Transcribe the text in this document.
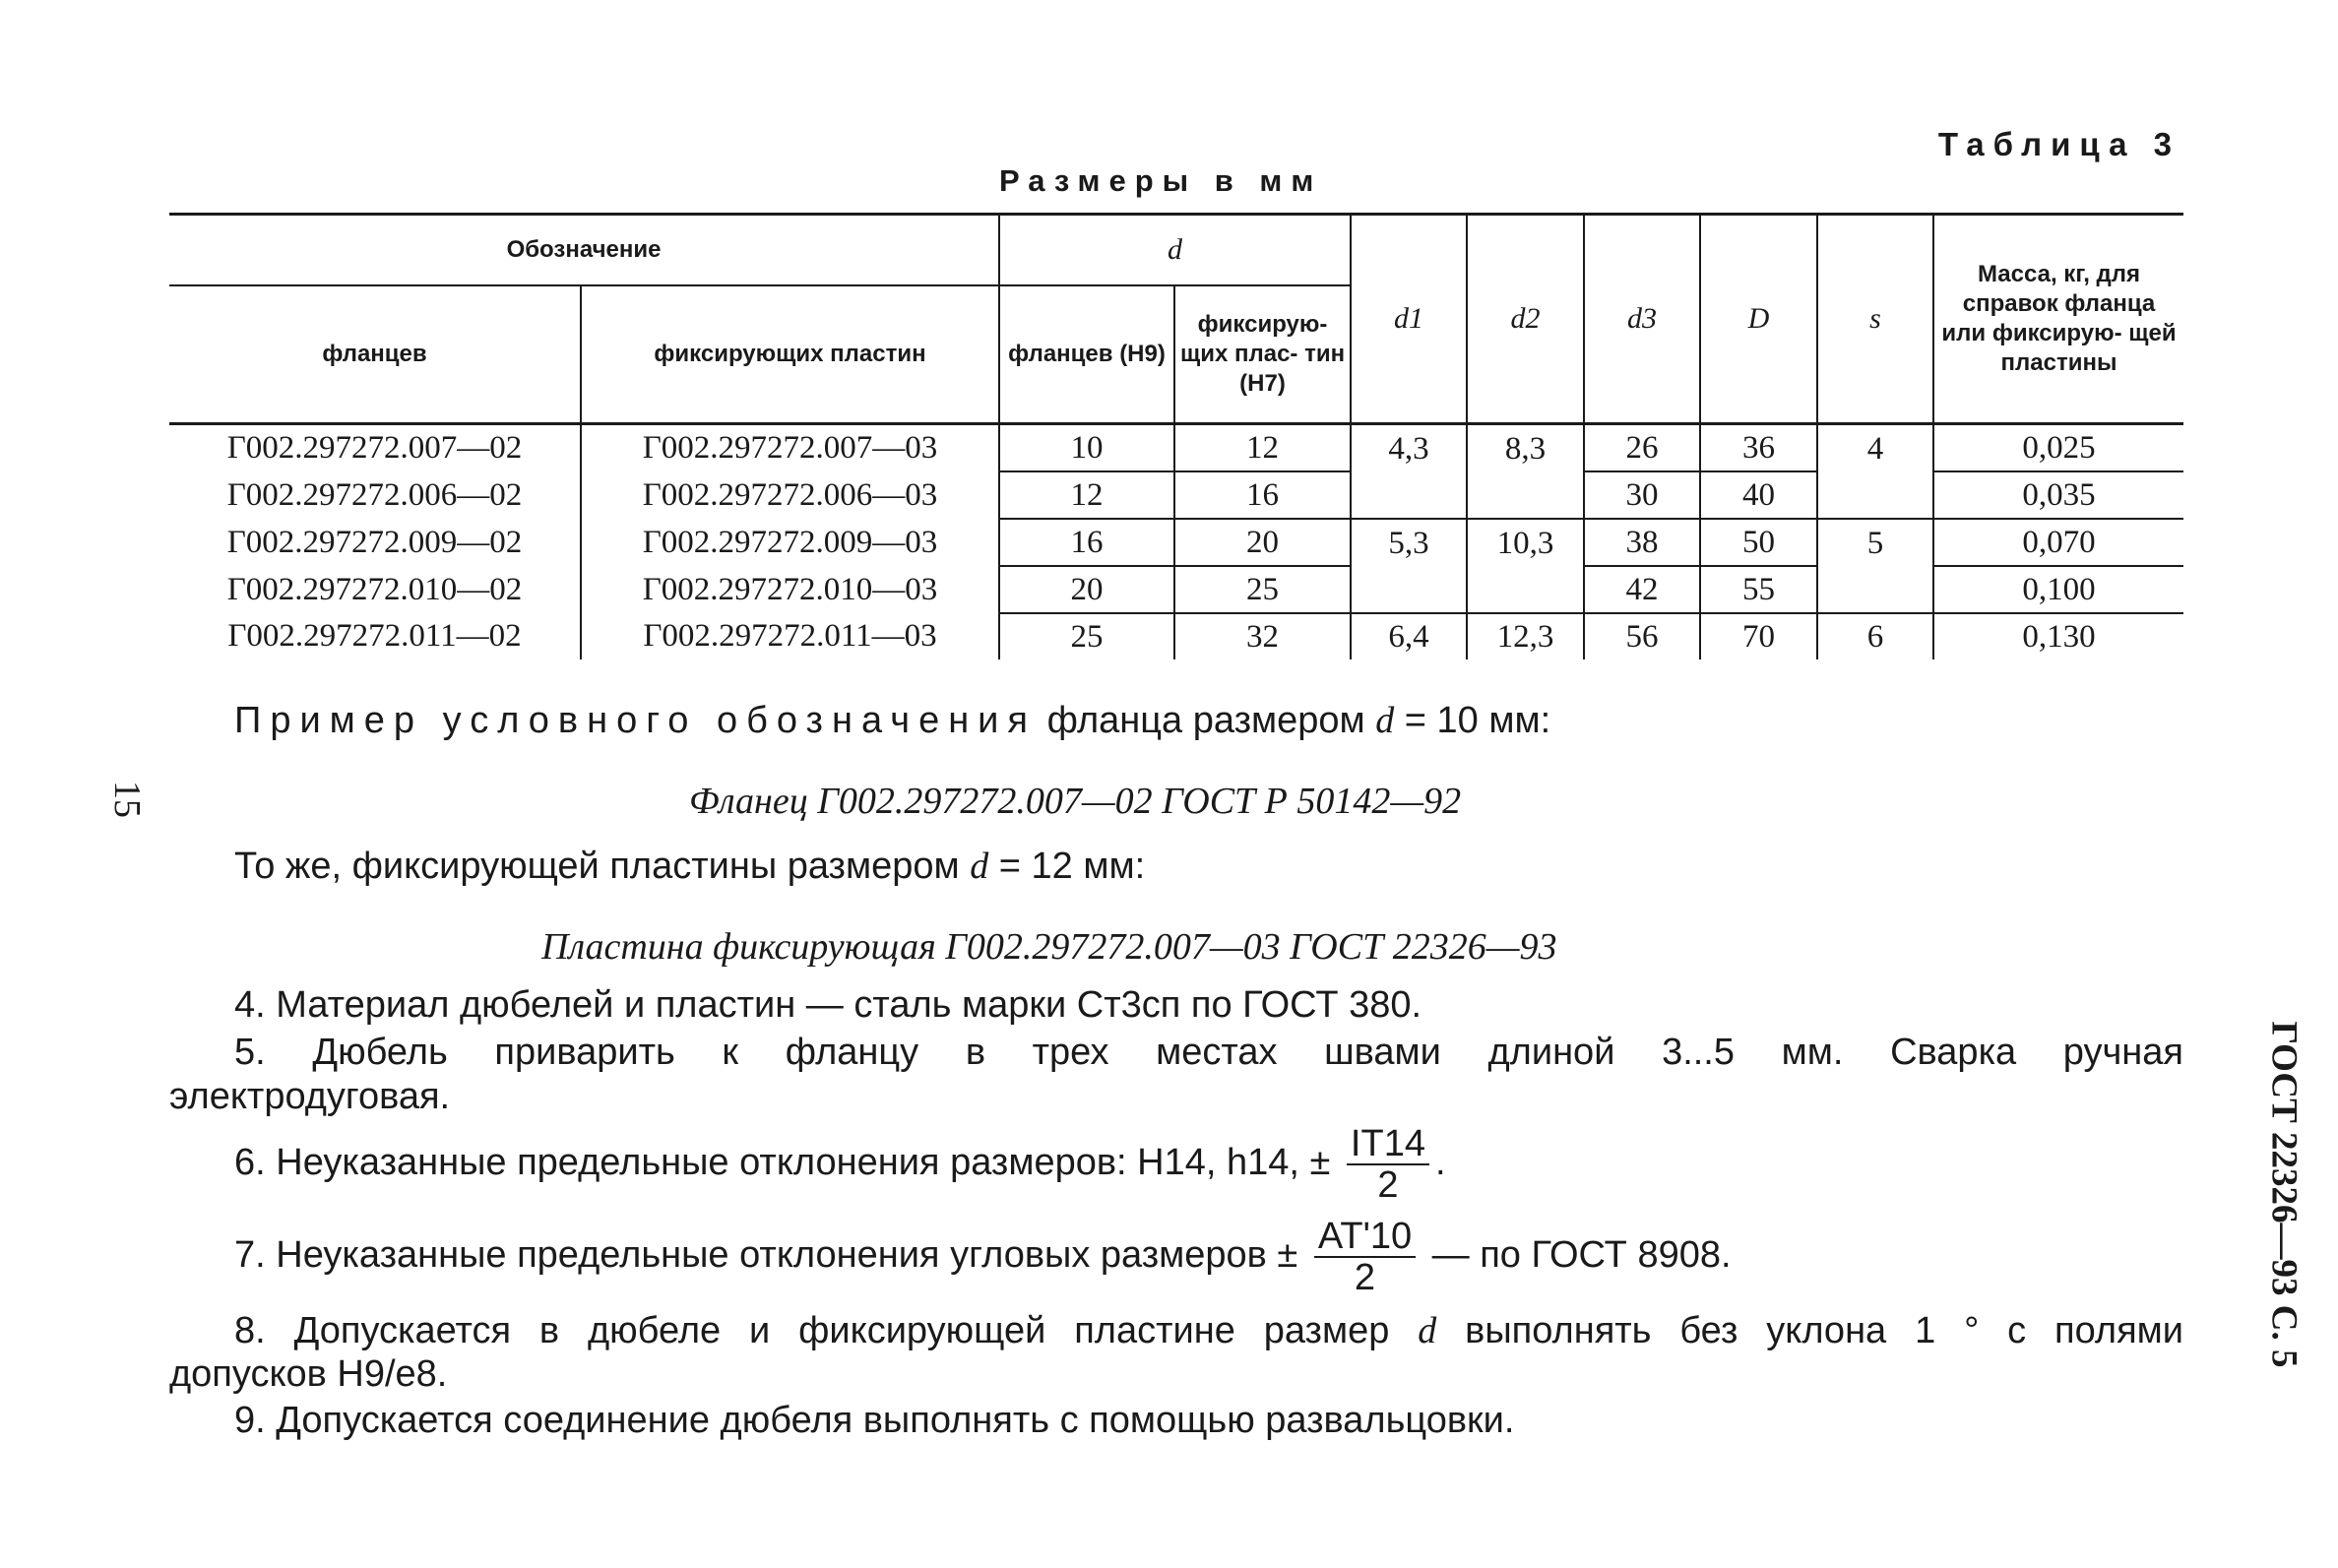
Таблица 3
Размеры в мм
Обозначение		d		d1	d2	d3	D	s	Масса, кг, для справок фланца или фиксирую- щей пластины
фланцев	фиксирующих пластин	фланцев (H9)	фиксирую- щих плас- тин (H7)						
Г002.297272.007—02	Г002.297272.007—03	10	12	4,3	8,3	26	36	4	0,025
Г002.297272.006—02	Г002.297272.006—03	12	16			30	40		0,035
Г002.297272.009—02	Г002.297272.009—03	16	20	5,3	10,3	38	50	5	0,070
Г002.297272.010—02	Г002.297272.010—03	20	25			42	55		0,100
Г002.297272.011—02	Г002.297272.011—03	25	32	6,4	12,3	56	70	6	0,130
Пример условного обозначения фланца размером d = 10 мм:
Фланец Г002.297272.007—02 ГОСТ Р 50142—92
То же, фиксирующей пластины размером d = 12 мм:
Пластина фиксирующая Г002.297272.007—03 ГОСТ 22326—93
4. Материал дюбелей и пластин — сталь марки Ст3сп по ГОСТ 380.
5. Дюбель приварить к фланцу в трех местах швами длиной 3...5 мм. Сварка ручная
электродуговая.
6. Неуказанные предельные отклонения размеров: H14, h14, ± $\frac{IT14}{2}$ .
7. Неуказанные предельные отклонения угловых размеров ± $\frac{AT'10}{2}$ — по ГОСТ 8908.
8. Допускается в дюбеле и фиксирующей пластине размер d выполнять без уклона 1 ° с полями
допусков H9/e8.
9. Допускается соединение дюбеля выполнять с помощью развальцовки.
15
ГОСТ 22326—93 С. 5
